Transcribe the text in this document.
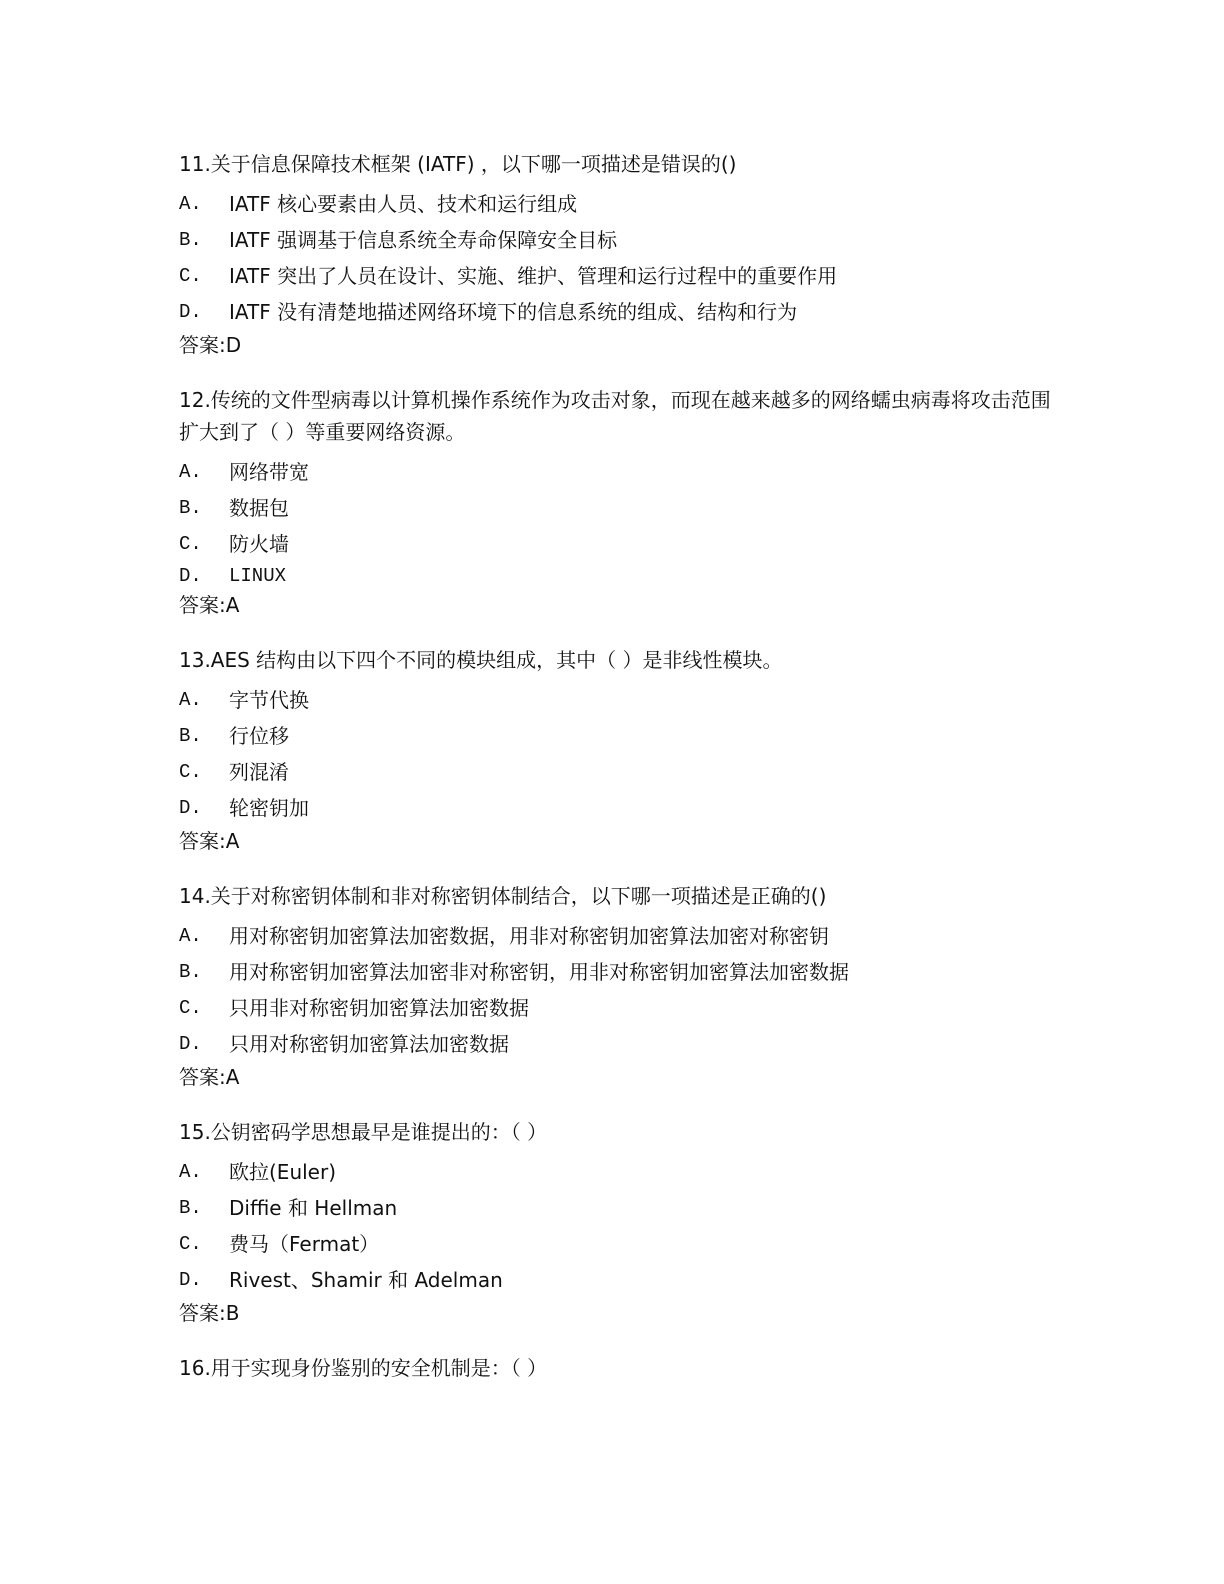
11.关于信息保障技术框架 (IATF) ，以下哪一项描述是错误的()
A.	IATF 核心要素由人员、技术和运行组成
B.	IATF 强调基于信息系统全寿命保障安全目标
C.	IATF 突出了人员在设计、实施、维护、管理和运行过程中的重要作用
D.	IATF 没有清楚地描述网络环境下的信息系统的组成、结构和行为
答案:D
12.传统的文件型病毒以计算机操作系统作为攻击对象，而现在越来越多的网络蠕虫病毒将攻击范围扩大到了（ ）等重要网络资源。
A.	网络带宽
B.	数据包
C.	防火墙
D.	LINUX
答案:A
13.AES 结构由以下四个不同的模块组成，其中（ ）是非线性模块。
A.	字节代换
B.	行位移
C.	列混淆
D.	轮密钥加
答案:A
14.关于对称密钥体制和非对称密钥体制结合，以下哪一项描述是正确的()
A.	用对称密钥加密算法加密数据，用非对称密钥加密算法加密对称密钥
B.	用对称密钥加密算法加密非对称密钥，用非对称密钥加密算法加密数据
C.	只用非对称密钥加密算法加密数据
D.	只用对称密钥加密算法加密数据
答案:A
15.公钥密码学思想最早是谁提出的：（ ）
A.	欧拉(Euler)
B.	Diffie 和 Hellman
C.	费马（Fermat）
D.	Rivest、Shamir 和 Adelman
答案:B
16.用于实现身份鉴别的安全机制是：（ ）
